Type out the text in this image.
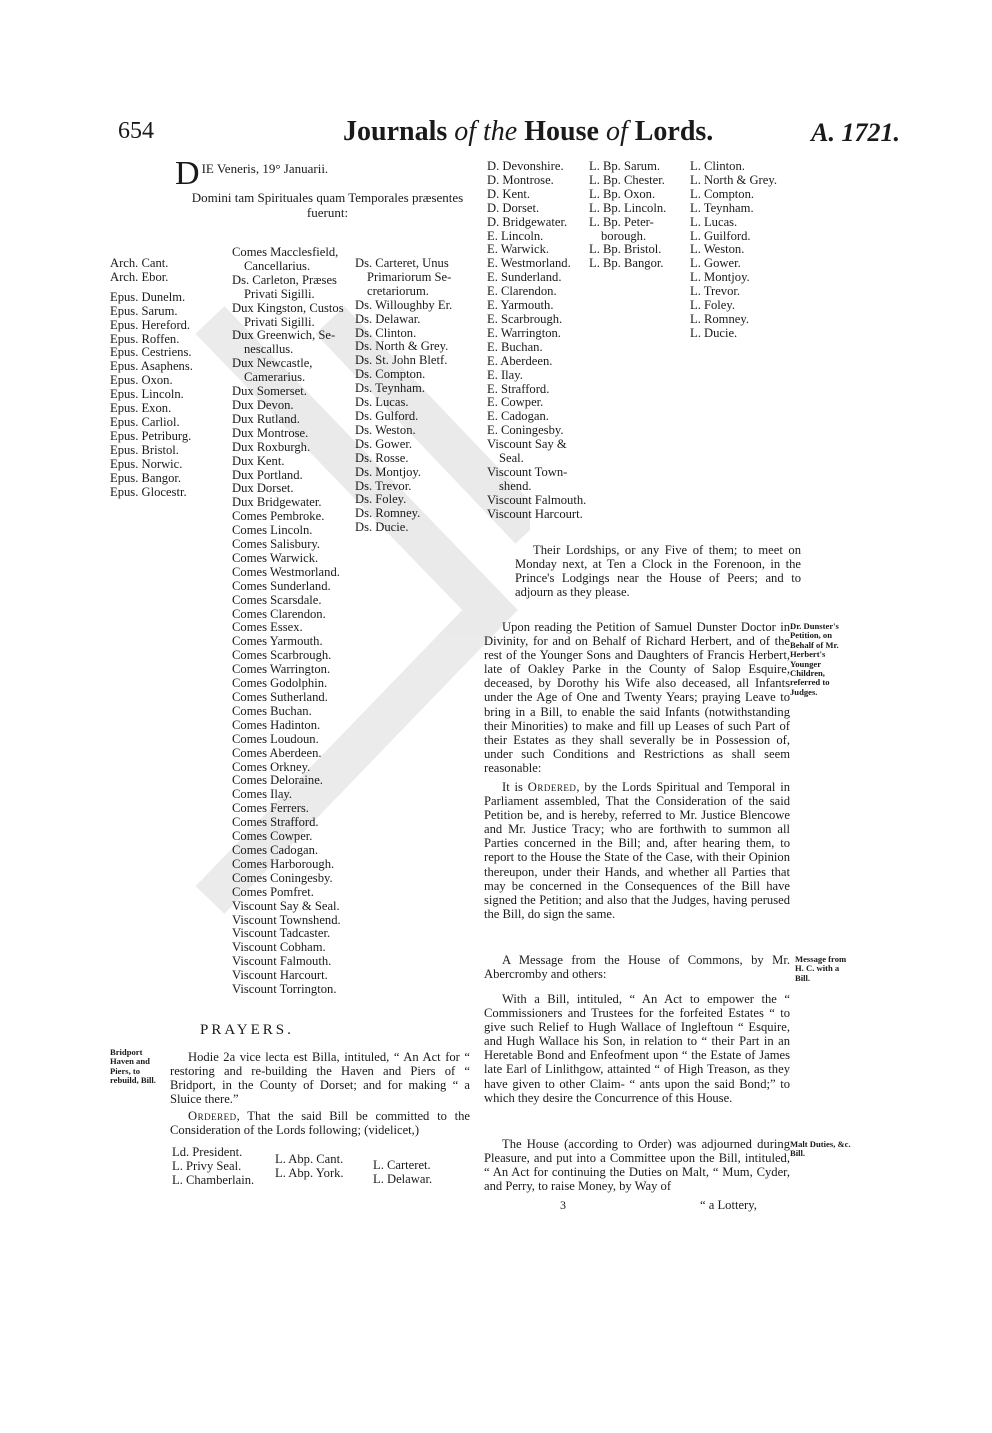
654	Journals of the House of Lords.	A. 1721.
D IE Veneris, 19° Januarii.
Domini tam Spirituales quam Temporales præsentes fuerunt:
Arch. Cant.
Arch. Ebor.

Epus. Dunelm.
Epus. Sarum.
Epus. Hereford.
Epus. Roffen.
Epus. Cestriens.
Epus. Asaphens.
Epus. Oxon.
Epus. Lincoln.
Epus. Exon.
Epus. Carliol.
Epus. Petriburg.
Epus. Bristol.
Epus. Norwic.
Epus. Bangor.
Epus. Glocestr.
Comes Macclesfield,
Cancellarius.
Ds. Carleton, Præses
Privati Sigilli.
Dux Kingston, Custos
Privati Sigilli.
Dux Greenwich, Se-
nescallus.
Dux Newcastle,
Camerarius.
Dux Somerset.
Dux Devon.
Dux Rutland.
Dux Montrose.
Dux Roxburgh.
Dux Kent.
Dux Portland.
Dux Dorset.
Dux Bridgewater.
Comes Pembroke.
Comes Lincoln.
Comes Salisbury.
Comes Warwick.
Comes Westmorland.
Comes Sunderland.
Comes Scarsdale.
Comes Clarendon.
Comes Essex.
Comes Yarmouth.
Comes Scarbrough.
Comes Warrington.
Comes Godolphin.
Comes Sutherland.
Comes Buchan.
Comes Hadinton.
Comes Loudoun.
Comes Aberdeen.
Comes Orkney.
Comes Deloraine.
Comes Ilay.
Comes Ferrers.
Comes Strafford.
Comes Cowper.
Comes Cadogan.
Comes Harborough.
Comes Coningesby.
Comes Pomfret.
Viscount Say & Seal.
Viscount Townshend.
Viscount Tadcaster.
Viscount Cobham.
Viscount Falmouth.
Viscount Harcourt.
Viscount Torrington.
Ds. Carteret, Unus
Primariorum Se-
cretariorum.
Ds. Willoughby Er.
Ds. Delawar.
Ds. Clinton.
Ds. North & Grey.
Ds. St. John Bletf.
Ds. Compton.
Ds. Teynham.
Ds. Lucas.
Ds. Gulford.
Ds. Weston.
Ds. Gower.
Ds. Rosse.
Ds. Montjoy.
Ds. Trevor.
Ds. Foley.
Ds. Romney.
Ds. Ducie.
D. Devonshire.
D. Montrose.
D. Kent.
D. Dorset.
D. Bridgewater.
E. Lincoln.
E. Warwick.
E. Westmorland.
E. Sunderland.
E. Clarendon.
E. Yarmouth.
E. Scarbrough.
E. Warrington.
E. Buchan.
E. Aberdeen.
E. Ilay.
E. Strafford.
E. Cowper.
E. Cadogan.
E. Coningesby.
Viscount Say &
Seal.
Viscount Town-
shend.
Viscount Falmouth.
Viscount Harcourt.
L. Bp. Sarum.
L. Bp. Chester.
L. Bp. Oxon.
L. Bp. Lincoln.
L. Bp. Peter-
borough.
L. Bp. Bristol.
L. Bp. Bangor.
L. Clinton.
L. North & Grey.
L. Compton.
L. Teynham.
L. Lucas.
L. Guilford.
L. Weston.
L. Gower.
L. Montjoy.
L. Trevor.
L. Foley.
L. Romney.
L. Ducie.

Their Lordships, or any Five of them; to meet on Monday next, at Ten a Clock in the Forenoon, in the Prince's Lodgings near the House of Peers; and to adjourn as they please.

Upon reading the Petition of Samuel Dunster Doctor in Divinity, for and on Behalf of Richard Herbert, and of the rest of the Younger Sons and Daughters of Francis Herbert, late of Oakley Parke in the County of Salop Esquire, deceased, by Dorothy his Wife also deceased, all Infants under the Age of One and Twenty Years; praying Leave to bring in a Bill, to enable the said Infants (notwithstanding their Minorities) to make and fill up Leases of such Part of their Estates as they shall severally be in Possession of, under such Conditions and Restrictions as shall seem reasonable:

Dr. Dunster's Petition, on Behalf of Mr. Herbert's Younger Children, referred to Judges.

It is Ordered, by the Lords Spiritual and Temporal in Parliament assembled, That the Consideration of the said Petition be, and is hereby, referred to Mr. Justice Blencowe and Mr. Justice Tracy; who are forthwith to summon all Parties concerned in the Bill; and, after hearing them, to report to the House the State of the Case, with their Opinion thereupon, under their Hands, and whether all Parties that may be concerned in the Consequences of the Bill have signed the Petition; and also that the Judges, having perused the Bill, do sign the same.

A Message from the House of Commons, by Mr. Abercromby and others:

Message from H. C. with a Bill.

With a Bill, intituled, “ An Act to empower the “ Commissioners and Trustees for the forfeited Estates “ to give such Relief to Hugh Wallace of Ingleftoun “ Esquire, and Hugh Wallace his Son, in relation to “ their Part in an Heretable Bond and Enfeofment upon “ the Estate of James late Earl of Linlithgow, attainted “ of High Treason, as they have given to other Claim- “ ants upon the said Bond;” to which they desire the Concurrence of this House.

The House (according to Order) was adjourned during Pleasure, and put into a Committee upon the Bill, intituled, “ An Act for continuing the Duties on Malt, “ Mum, Cyder, and Perry, to raise Money, by Way of

Malt Duties, &c. Bill.
“ a Lottery,
PRAYERS.
Bridport Haven and Piers, to rebuild, Bill.

Hodie 2a vice lecta est Billa, intituled, “ An Act for “ restoring and re-building the Haven and Piers of “ Bridport, in the County of Dorset; and for making “ a Sluice there.”

Ordered, That the said Bill be committed to the Consideration of the Lords following; (videlicet,)

Ld. President.
L. Privy Seal.
L. Chamberlain.
L. Abp. Cant.
L. Abp. York.
L. Carteret.
L. Delawar.
3
